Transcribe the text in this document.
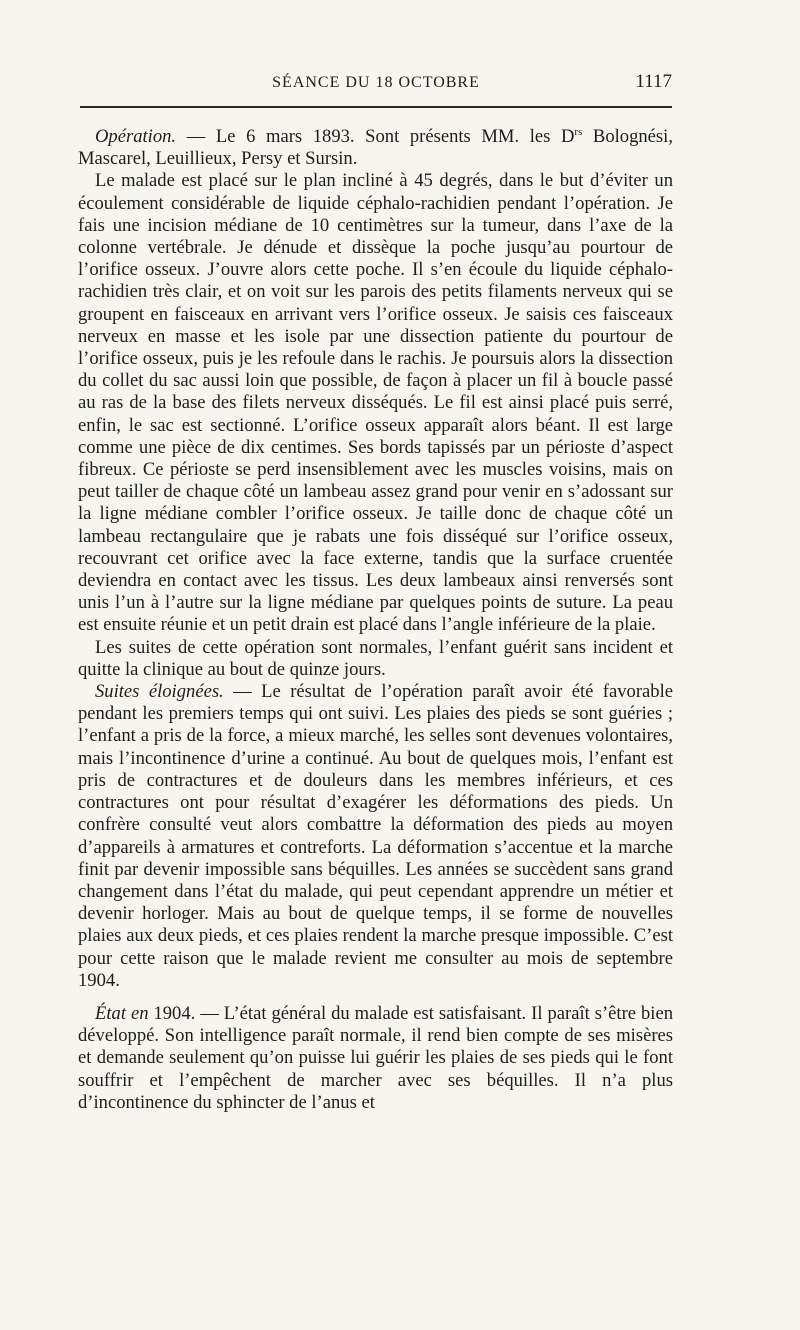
SÉANCE DU 18 OCTOBRE	1117

Opération. — Le 6 mars 1893. Sont présents MM. les $D^{rs}$ Bolognési, Mascarel, Leuillieux, Persy et Sursin.

Le malade est placé sur le plan incliné à 45 degrés, dans le but d’éviter un écoulement considérable de liquide céphalo-rachidien pendant l’opération. Je fais une incision médiane de 10 centimètres sur la tumeur, dans l’axe de la colonne vertébrale. Je dénude et dissèque la poche jusqu’au pourtour de l’orifice osseux. J’ouvre alors cette poche. Il s’en écoule du liquide céphalo-rachidien très clair, et on voit sur les parois des petits filaments nerveux qui se groupent en faisceaux en arrivant vers l’orifice osseux. Je saisis ces faisceaux nerveux en masse et les isole par une dissection patiente du pourtour de l’orifice osseux, puis je les refoule dans le rachis. Je poursuis alors la dissection du collet du sac aussi loin que possible, de façon à placer un fil à boucle passé au ras de la base des filets nerveux disséqués. Le fil est ainsi placé puis serré, enfin, le sac est sectionné. L’orifice osseux apparaît alors béant. Il est large comme une pièce de dix centimes. Ses bords tapissés par un périoste d’aspect fibreux. Ce périoste se perd insensiblement avec les muscles voisins, mais on peut tailler de chaque côté un lambeau assez grand pour venir en s’adossant sur la ligne médiane combler l’orifice osseux. Je taille donc de chaque côté un lambeau rectangulaire que je rabats une fois disséqué sur l’orifice osseux, recouvrant cet orifice avec la face externe, tandis que la surface cruentée deviendra en contact avec les tissus. Les deux lambeaux ainsi renversés sont unis l’un à l’autre sur la ligne médiane par quelques points de suture. La peau est ensuite réunie et un petit drain est placé dans l’angle inférieure de la plaie.

Les suites de cette opération sont normales, l’enfant guérit sans incident et quitte la clinique au bout de quinze jours.

Suites éloignées. — Le résultat de l’opération paraît avoir été favorable pendant les premiers temps qui ont suivi. Les plaies des pieds se sont guéries ; l’enfant a pris de la force, a mieux marché, les selles sont devenues volontaires, mais l’incontinence d’urine a continué. Au bout de quelques mois, l’enfant est pris de contractures et de douleurs dans les membres inférieurs, et ces contractures ont pour résultat d’exagérer les déformations des pieds. Un confrère consulté veut alors combattre la déformation des pieds au moyen d’appareils à armatures et contreforts. La déformation s’accentue et la marche finit par devenir impossible sans béquilles. Les années se succèdent sans grand changement dans l’état du malade, qui peut cependant apprendre un métier et devenir horloger. Mais au bout de quelque temps, il se forme de nouvelles plaies aux deux pieds, et ces plaies rendent la marche presque impossible. C’est pour cette raison que le malade revient me consulter au mois de septembre 1904.

État en 1904. — L’état général du malade est satisfaisant. Il paraît s’être bien développé. Son intelligence paraît normale, il rend bien compte de ses misères et demande seulement qu’on puisse lui guérir les plaies de ses pieds qui le font souffrir et l’empêchent de marcher avec ses béquilles. Il n’a plus d’incontinence du sphincter de l’anus et
